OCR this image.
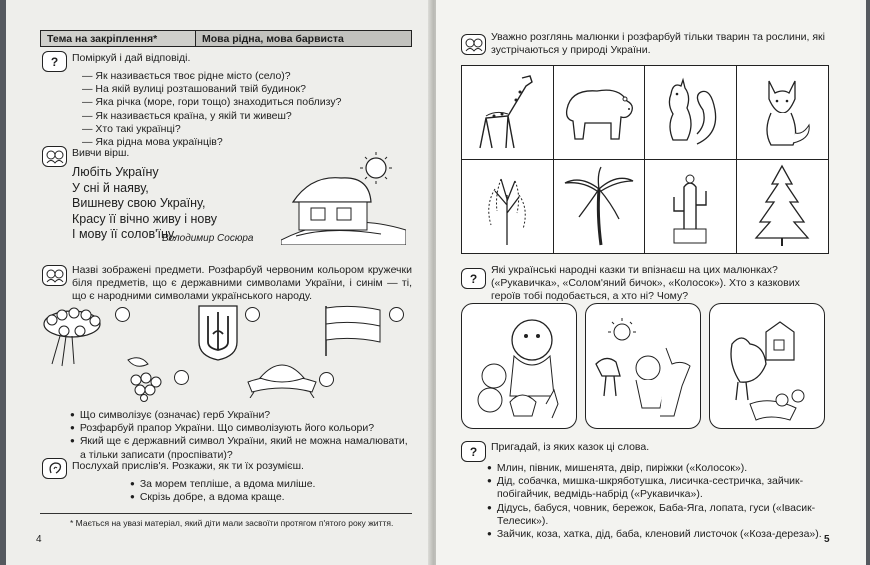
Тема на закріплення*	Мова рідна, мова барвиста
? Поміркуй і дай відповіді.

— Як називається твоє рідне місто (село)?

— На якій вулиці розташований твій будинок?

— Яка річка (море, гори тощо) знаходиться поблизу?

— Як називається країна, у якій ти живеш?

— Хто такі українці?

— Яка рідна мова українців?

Вивчи вірш.

Любіть Україну

У сні й наяву,

Вишневу свою Україну,

Красу її вічно живу і нову

І мову її солов'їну.

Володимир Сосюра
Назві зображені предмети. Розфарбуй червоним кольором кружечки біля предметів, що є державними символами України, і синім — ті, що є народними символами українського народу.

● Що символізує (означає) герб України?

● Розфарбуй прапор України. Що символізують його кольори?

● Який ще є державний символ України, який не можна намалювати, а тільки записати (проспівати)?

Послухай прислів'я. Розкажи, як ти їх розумієш.

● За морем тепліше, а вдома миліше.

● Скрізь добре, а вдома краще.

* Мається на увазі матеріал, який діти мали засвоїти протягом п'ятого року життя.
4
Уважно розглянь малюнки і розфарбуй тільки тварин та рослини, які зустрічаються у природі України.
?
Які українські народні казки ти впізнаєш на цих малюнках? («Рукавичка», «Солом'яний бичок», «Колосок»). Хто з казкових героїв тобі подобається, а хто ні? Чому?
?	Пригадай, із яких казок ці слова.

● Млин, півник, мишенята, двір, пиріжки («Колосок»).

● Дід, собачка, мишка-шкряботушка, лисичка-сестричка, зайчик-побігайчик, ведмідь-набрід («Рукавичка»).

● Дідусь, бабуся, човник, бережок, Баба-Яга, лопата, гуси («Івасик-Телесик»).

● Зайчик, коза, хатка, дід, баба, кленовий листочок («Коза-дереза»). 5
